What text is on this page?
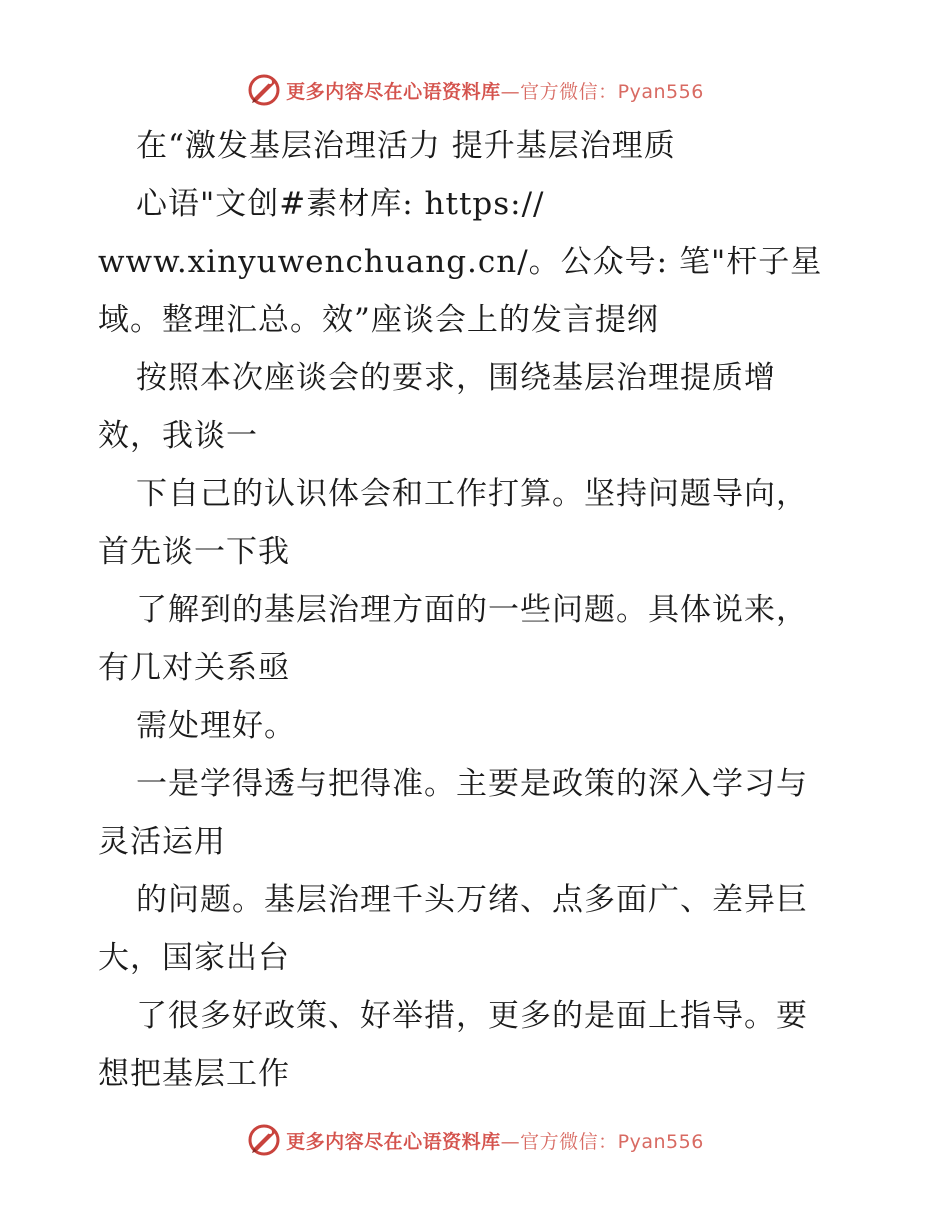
更多内容尽在心语资料库—官方微信：Pyan556
在“激发基层治理活力 提升基层治理质
心语"文创#素材库: https://
www.xinyuwenchuang.cn/。公众号: 笔"杆子星
域。整理汇总。效”座谈会上的发言提纲
按照本次座谈会的要求，围绕基层治理提质增
效，我谈一
下自己的认识体会和工作打算。坚持问题导向，
首先谈一下我
了解到的基层治理方面的一些问题。具体说来，
有几对关系亟
需处理好。
一是学得透与把得准。主要是政策的深入学习与
灵活运用
的问题。基层治理千头万绪、点多面广、差异巨
大，国家出台
了很多好政策、好举措，更多的是面上指导。要
想把基层工作
更多内容尽在心语资料库—官方微信：Pyan556
